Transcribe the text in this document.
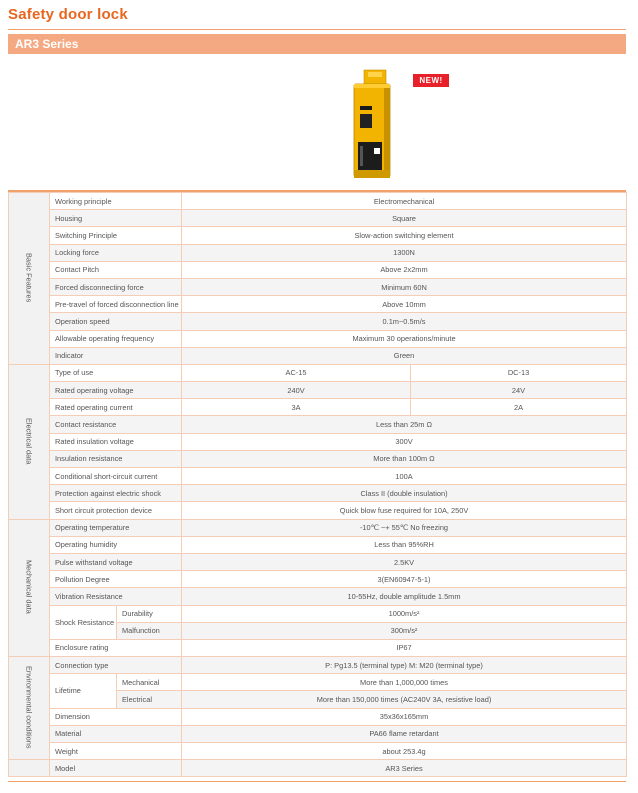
Safety door lock
AR3 Series
NEW!
Basic Features	Working principle		Electromechanical	
	Housing		Square	
	Switching Principle		Slow-action switching element	
	Locking force		1300N	
	Contact Pitch		Above 2x2mm	
	Forced disconnecting force		Minimum 60N	
	Pre-travel of forced disconnection line		Above 10mm	
	Operation speed		0.1m~0.5m/s	
	Allowable operating frequency		Maximum 30 operations/minute	
	Indicator		Green	
Electrical data	Type of use		AC-15	DC-13
	Rated operating voltage		240V	24V
	Rated operating current		3A	2A
	Contact resistance		Less than 25m Ω	
	Rated insulation voltage		300V	
	Insulation resistance		More than 100m Ω	
	Conditional short-circuit current		100A	
	Protection against electric shock		Class II (double insulation)	
	Short circuit protection device		Quick blow fuse required for 10A, 250V	
Mechanical data	Operating temperature		-10℃ ~+ 55℃ No freezing	
	Operating humidity		Less than 95%RH	
	Pulse withstand voltage		2.5KV	
	Pollution Degree		3(EN60947-5-1)	
	Vibration Resistance		10-55Hz, double amplitude 1.5mm	
	Shock Resistance	Durability	1000m/s²	
		Malfunction	300m/s²	
	Enclosure rating		IP67	
Environmental conditions	Connection type		P: Pg13.5 (terminal type) M: M20 (terminal type)	
	Lifetime	Mechanical	More than 1,000,000 times	
		Electrical	More than 150,000 times (AC240V 3A, resistive load)	
	Dimension		35x36x165mm	
	Material		PA66 flame retardant	
	Weight		about 253.4g	
	Model		AR3 Series	
